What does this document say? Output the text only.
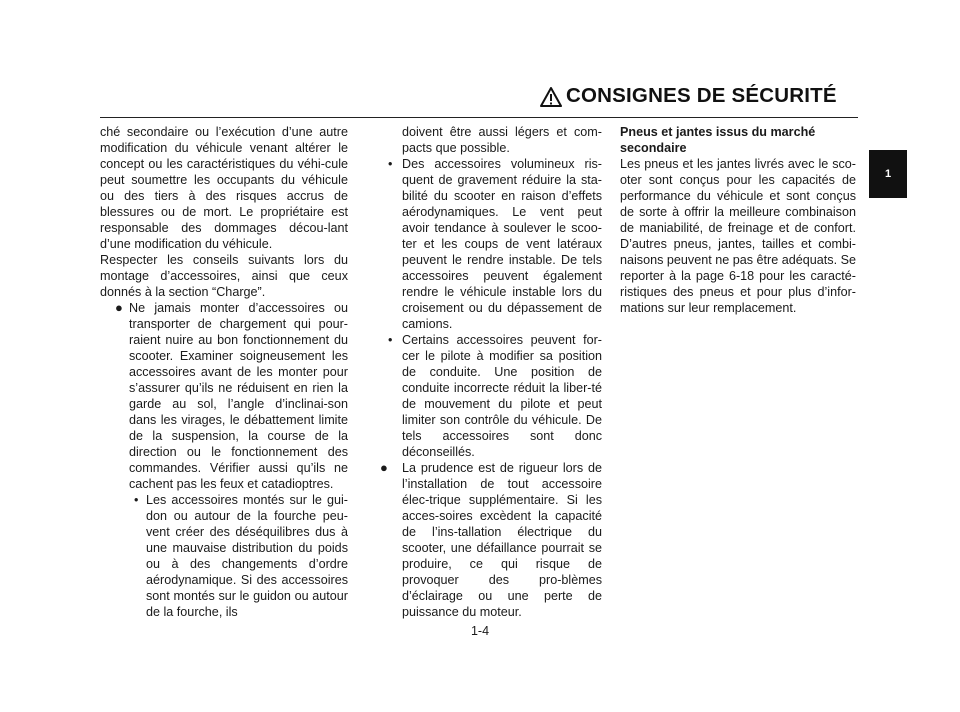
CONSIGNES DE SÉCURITÉ
1

ché secondaire ou l’exécution d’une autre modification du véhicule venant altérer le concept ou les caractéristiques du véhi-cule peut soumettre les occupants du véhicule ou des tiers à des risques accrus de blessures ou de mort. Le propriétaire est responsable des dommages décou-lant d’une modification du véhicule.

Respecter les conseils suivants lors du montage d’accessoires, ainsi que ceux donnés à la section “Charge”.

● Ne jamais monter d’accessoires ou transporter de chargement qui pour-raient nuire au bon fonctionnement du scooter. Examiner soigneusement les accessoires avant de les monter pour s’assurer qu’ils ne réduisent en rien la garde au sol, l’angle d’inclinai-son dans les virages, le débattement limite de la suspension, la course de la direction ou le fonctionnement des commandes. Vérifier aussi qu’ils ne cachent pas les feux et catadioptres.

• Les accessoires montés sur le gui-don ou autour de la fourche peu-vent créer des déséquilibres dus à une mauvaise distribution du poids ou à des changements d’ordre aérodynamique. Si des accessoires sont montés sur le guidon ou autour de la fourche, ils

doivent être aussi légers et com-pacts que possible.

• Des accessoires volumineux ris-quent de gravement réduire la sta-bilité du scooter en raison d’effets aérodynamiques. Le vent peut avoir tendance à soulever le scoo-ter et les coups de vent latéraux peuvent le rendre instable. De tels accessoires peuvent également rendre le véhicule instable lors du croisement ou du dépassement de camions.

• Certains accessoires peuvent for-cer le pilote à modifier sa position de conduite. Une position de conduite incorrecte réduit la liber-té de mouvement du pilote et peut limiter son contrôle du véhicule. De tels accessoires sont donc déconseillés.

● La prudence est de rigueur lors de l’installation de tout accessoire élec-trique supplémentaire. Si les acces-soires excèdent la capacité de l’ins-tallation électrique du scooter, une défaillance pourrait se produire, ce qui risque de provoquer des pro-blèmes d’éclairage ou une perte de puissance du moteur.

Pneus et jantes issus du marché secondaire

Les pneus et les jantes livrés avec le sco-oter sont conçus pour les capacités de performance du véhicule et sont conçus de sorte à offrir la meilleure combinaison de maniabilité, de freinage et de confort. D’autres pneus, jantes, tailles et combi-naisons peuvent ne pas être adéquats. Se reporter à la page 6-18 pour les caracté-ristiques des pneus et pour plus d’infor-mations sur leur remplacement.

1-4
